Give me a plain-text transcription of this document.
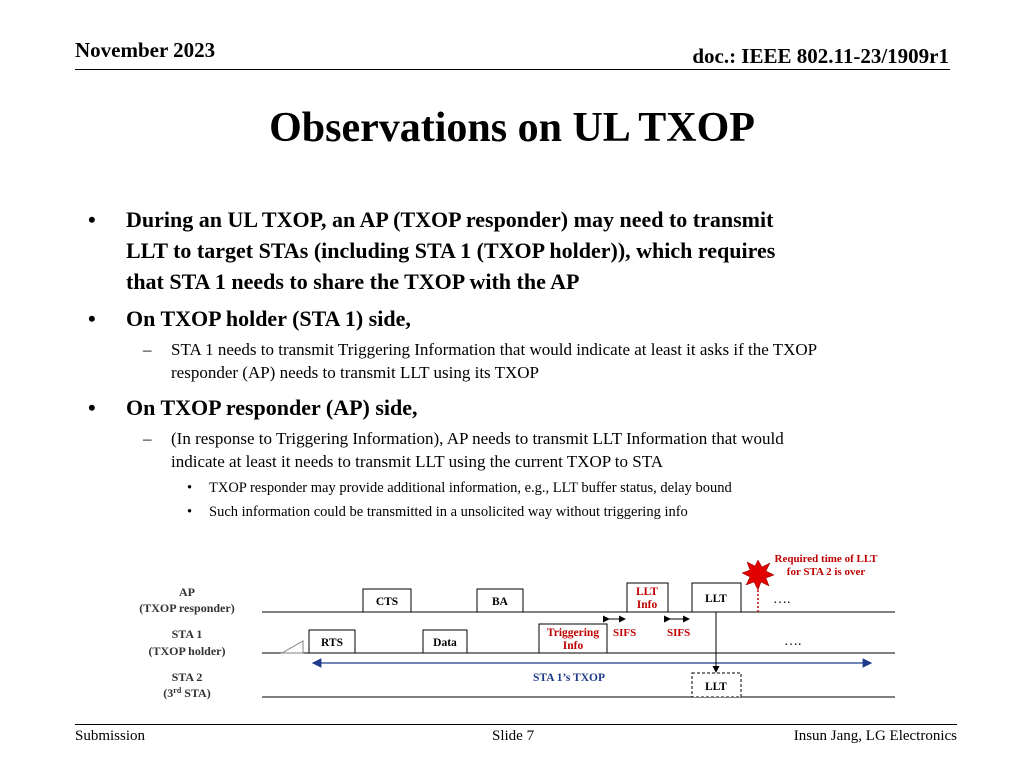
November 2023	doc.: IEEE 802.11-23/1909r1
Observations on UL TXOP
• During an UL TXOP, an AP (TXOP responder) may need to transmit
LLT to target STAs (including STA 1 (TXOP holder)), which requires
that STA 1 needs to share the TXOP with the AP
• On TXOP holder (STA 1) side,
– STA 1 needs to transmit Triggering Information that would indicate at least it asks if the TXOP
responder (AP) needs to transmit LLT using its TXOP
• On TXOP responder (AP) side,
– (In response to Triggering Information), AP needs to transmit LLT Information that would
indicate at least it needs to transmit LLT using the current TXOP to STA
• TXOP responder may provide additional information, e.g., LLT buffer status, delay bound
• Such information could be transmitted in a unsolicited way without triggering info
AP
(TXOP responder)
STA 1
(TXOP holder)
STA 2
(3rd STA)
CTS	BA
LLT
Info	LLT	….
RTS	Data
Triggering
Info	….
SIFS	SIFS
STA 1’s TXOP
LLT
Required time of LLT
for STA 2 is over
Submission	Slide 7	Insun Jang, LG Electronics
